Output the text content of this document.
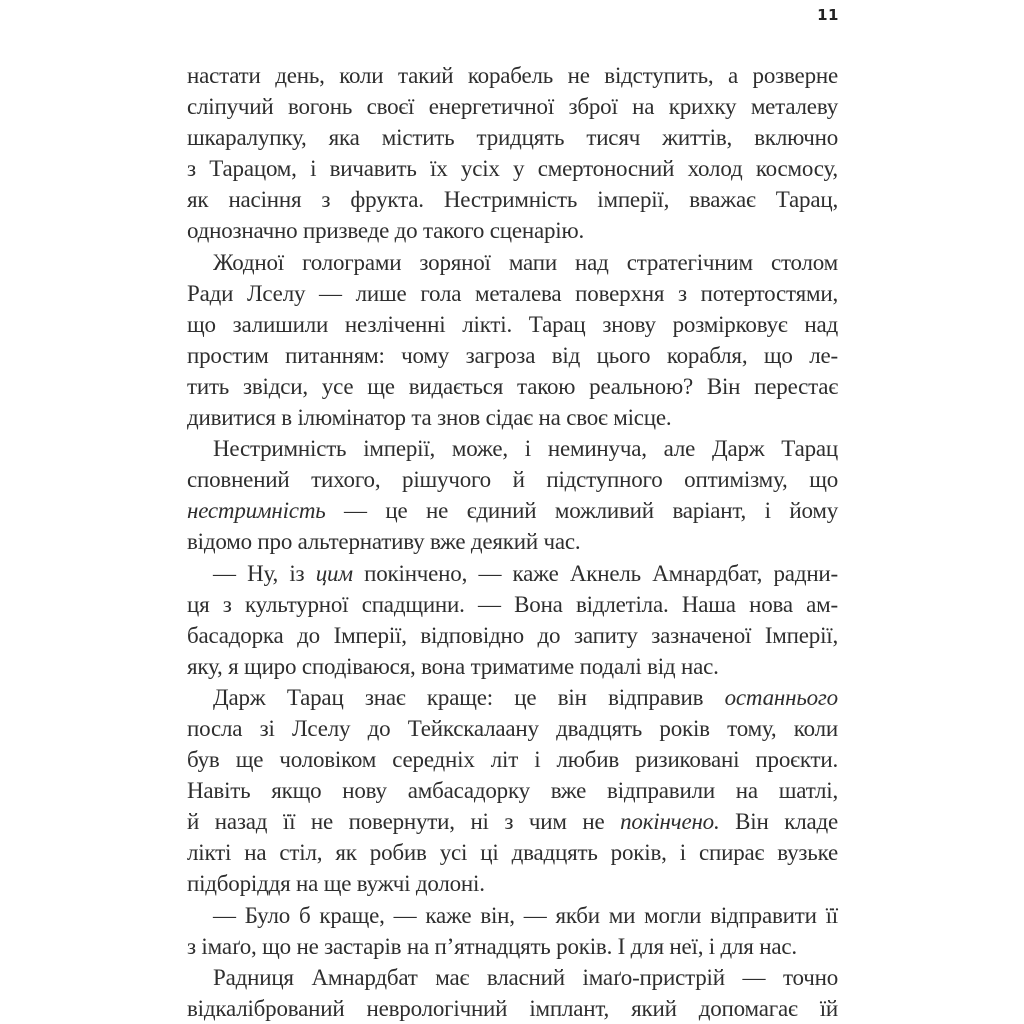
11
настати день, коли такий корабель не відступить, а розверне
сліпучий вогонь своєї енергетичної зброї на крихку металеву
шкаралупку, яка містить тридцять тисяч життів, включно
з Тарацом, і вичавить їх усіх у смертоносний холод космосу,
як насіння з фрукта. Нестримність імперії, вважає Тарац,
однозначно призведе до такого сценарію.
Жодної голограми зоряної мапи над стратегічним столом
Ради Лселу — лише гола металева поверхня з потертостями,
що залишили незліченні лікті. Тарац знову розмірковує над
простим питанням: чому загроза від цього корабля, що ле-
тить звідси, усе ще видається такою реальною? Він перестає
дивитися в ілюмінатор та знов сідає на своє місце.
Нестримність імперії, може, і неминуча, але Дарж Тарац
сповнений тихого, рішучого й підступного оптимізму, що
нестримність — це не єдиний можливий варіант, і йому
відомо про альтернативу вже деякий час.
— Ну, із цим покінчено, — каже Акнель Амнардбат, радни-
ця з культурної спадщини. — Вона відлетіла. Наша нова ам-
басадорка до Імперії, відповідно до запиту зазначеної Імперії,
яку, я щиро сподіваюся, вона триматиме подалі від нас.
Дарж Тарац знає краще: це він відправив останнього
посла зі Лселу до Тейкскалаану двадцять років тому, коли
був ще чоловіком середніх літ і любив ризиковані проєкти.
Навіть якщо нову амбасадорку вже відправили на шатлі,
й назад її не повернути, ні з чим не покінчено. Він кладе
лікті на стіл, як робив усі ці двадцять років, і спирає вузьке
підборіддя на ще вужчі долоні.
— Було б краще, — каже він, — якби ми могли відправити її
з імаґо, що не застарів на п’ятнадцять років. І для неї, і для нас.
Радниця Амнардбат має власний імаґо-пристрій — точно
відкалібрований неврологічний імплант, який допомагає їй
